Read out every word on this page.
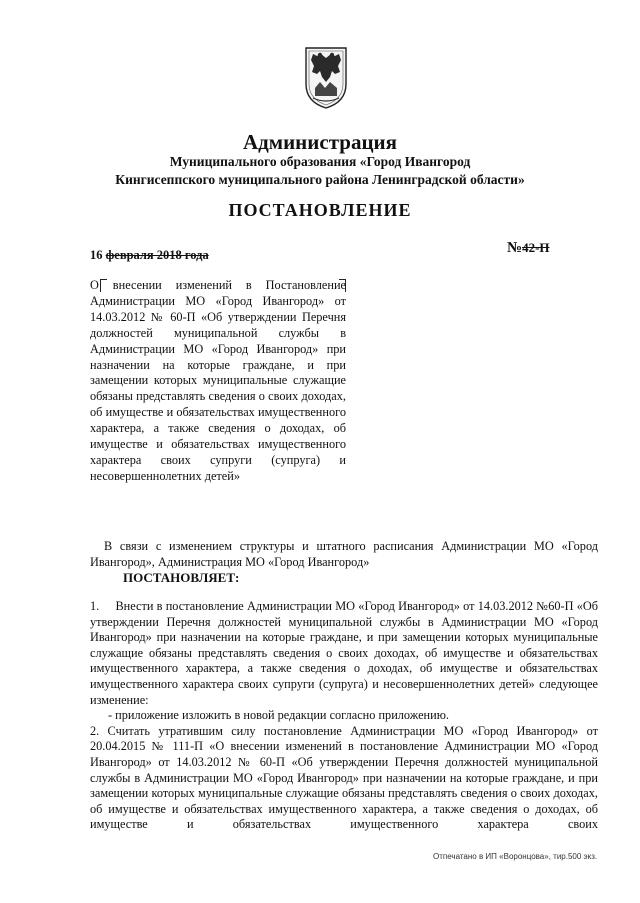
Администрация
Муниципального образования «Город Ивангород
Кингисеппского муниципального района Ленинградской области»
ПОСТАНОВЛЕНИЕ
16 февраля 2018 года	№42-П
О внесении изменений в Постановление Администрации МО «Город Ивангород» от 14.03.2012 № 60-П «Об утверждении Перечня должностей муниципальной службы в Администрации МО «Город Ивангород» при назначении на которые граждане, и при замещении которых муниципальные служащие обязаны представлять сведения о своих доходах, об имуществе и обязательствах имущественного характера, а также сведения о доходах, об имуществе и обязательствах имущественного характера своих супруги (супруга) и несовершеннолетних детей»
В связи с изменением структуры и штатного расписания Администрации МО «Город Ивангород», Администрация МО «Город Ивангород»
ПОСТАНОВЛЯЕТ:

1.     Внести в постановление Администрации МО «Город Ивангород» от 14.03.2012 №60-П «Об утверждении Перечня должностей муниципальной службы в Администрации МО «Город Ивангород» при назначении на которые граждане, и при замещении которых муниципальные служащие обязаны представлять сведения о своих доходах, об имуществе и обязательствах имущественного характера, а также сведения о доходах, об имуществе и обязательствах имущественного характера своих супруги (супруга) и несовершеннолетних детей» следующее изменение:

- приложение изложить в новой редакции согласно приложению.

2. Считать утратившим силу постановление Администрации МО «Город Ивангород» от 20.04.2015 № 111-П «О внесении изменений в постановление Администрации МО «Город Ивангород» от 14.03.2012 № 60-П «Об утверждении Перечня должностей муниципальной службы в Администрации МО «Город Ивангород» при назначении на которые граждане, и при замещении которых муниципальные служащие обязаны представлять сведения о своих доходах, об имуществе и обязательствах имущественного характера, а также сведения о доходах, об имуществе и обязательствах имущественного характера своих

Отпечатано в ИП «Воронцова», тир.500 экз.
